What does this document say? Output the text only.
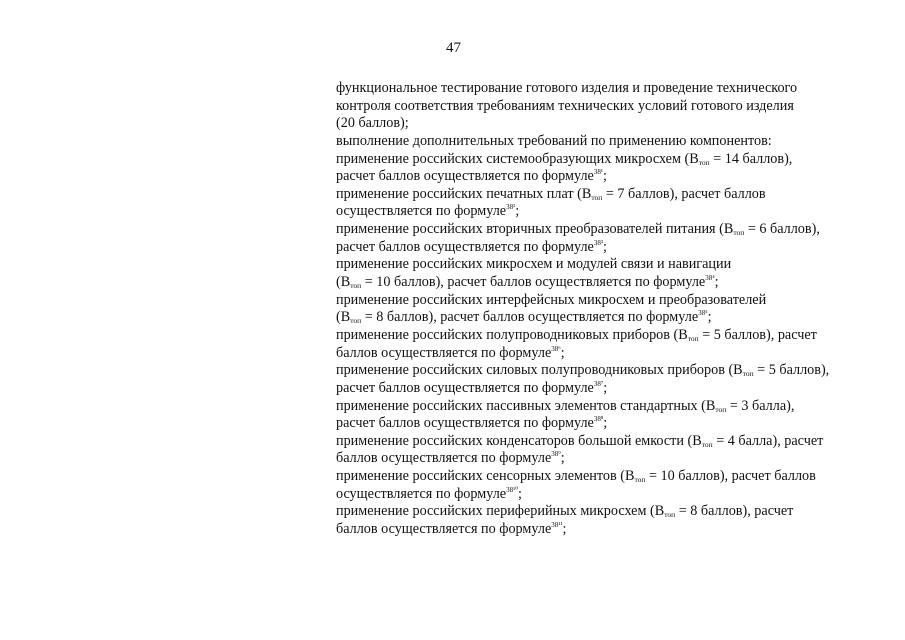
47
функциональное тестирование готового изделия и проведение технического
контроля соответствия требованиям технических условий готового изделия
(20 баллов);
выполнение дополнительных требований по применению компонентов:
применение российских системообразующих микросхем ($В_{топ} = 14$ баллов),
расчет баллов осуществляется по формуле$^{38^1}$;
применение российских печатных плат ($В_{топ} = 7$ баллов), расчет баллов
осуществляется по формуле$^{38^2}$;
применение российских вторичных преобразователей питания ($В_{топ} = 6$ баллов),
расчет баллов осуществляется по формуле$^{38^3}$;
применение российских микросхем и модулей связи и навигации
($В_{топ} = 10$ баллов), расчет баллов осуществляется по формуле$^{38^4}$;
применение российских интерфейсных микросхем и преобразователей
($В_{топ} = 8$ баллов), расчет баллов осуществляется по формуле$^{38^5}$;
применение российских полупроводниковых приборов ($В_{топ} = 5$ баллов), расчет
баллов осуществляется по формуле$^{38^6}$;
применение российских силовых полупроводниковых приборов ($В_{топ} = 5$ баллов),
расчет баллов осуществляется по формуле$^{38^7}$;
применение российских пассивных элементов стандартных ($В_{топ} = 3$ балла),
расчет баллов осуществляется по формуле$^{38^8}$;
применение российских конденсаторов большой емкости ($В_{топ} = 4$ балла), расчет
баллов осуществляется по формуле$^{38^9}$;
применение российских сенсорных элементов ($В_{топ} = 10$ баллов), расчет баллов
осуществляется по формуле$^{38^{10}}$;
применение российских периферийных микросхем ($В_{топ} = 8$ баллов), расчет
баллов осуществляется по формуле$^{38^{11}}$;
